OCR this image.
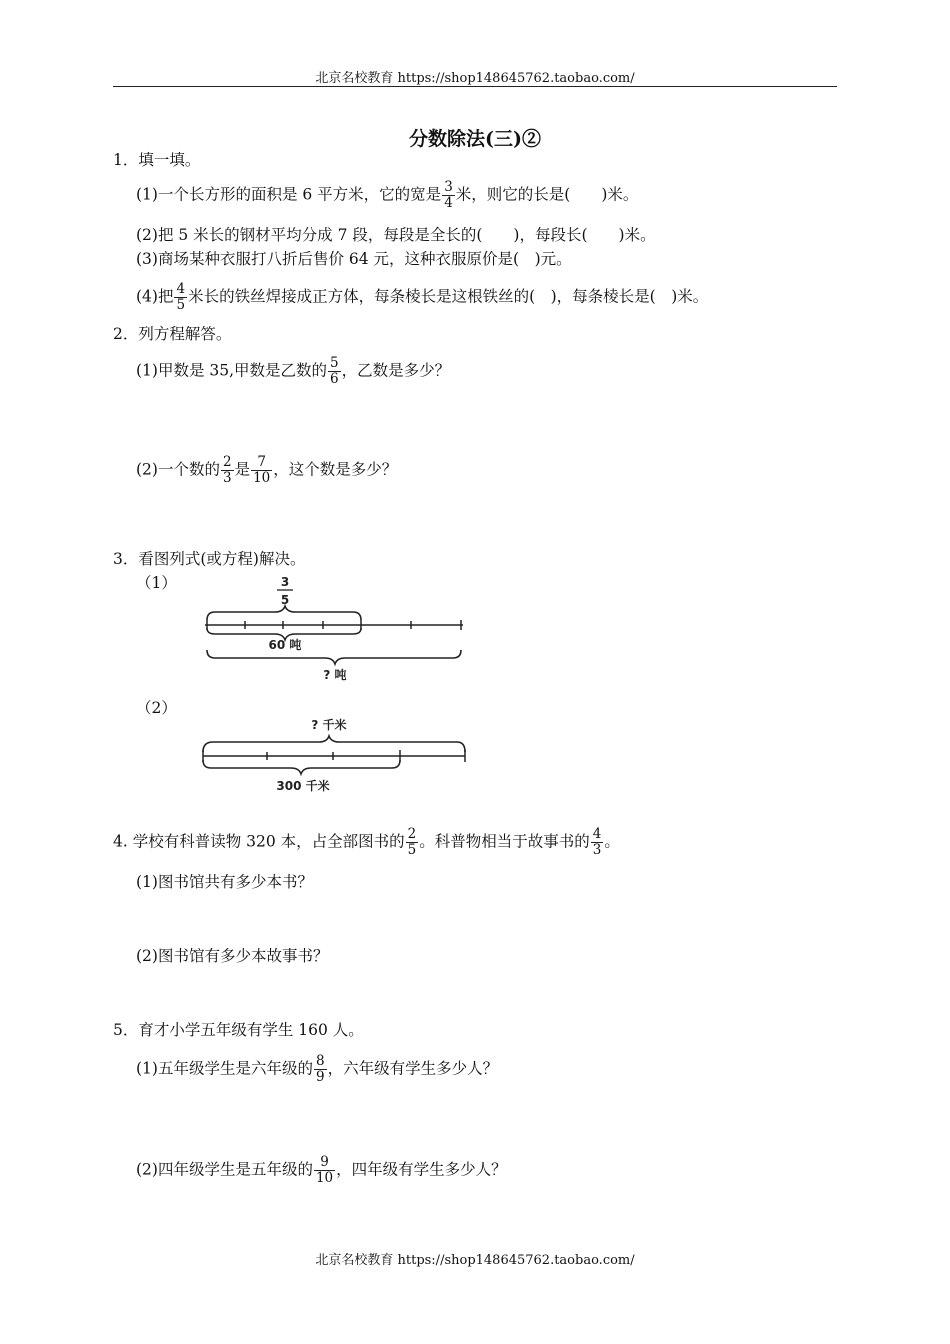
北京名校教育 https://shop148645762.taobao.com/
分数除法(三)②
1．填一填。
(1)一个长方形的面积是 6 平方米，它的宽是 $\frac{3}{4}$ 米，则它的长是(　　)米。
(2)把 5 米长的钢材平均分成 7 段，每段是全长的(　　)，每段长(　　)米。
(3)商场某种衣服打八折后售价 64 元，这种衣服原价是(　)元。
(4)把 $\frac{4}{5}$ 米长的铁丝焊接成正方体，每条棱长是这根铁丝的(　)，每条棱长是(　)米。
2．列方程解答。
(1)甲数是 35,甲数是乙数的 $\frac{5}{6}$ ，乙数是多少？
(2)一个数的 $\frac{2}{3}$ 是 $\frac{7}{10}$ ，这个数是多少？
3．看图列式(或方程)解决。
（1）	3
5
60 吨
? 吨
（2）
? 千米
300 千米
4. 学校有科普读物 320 本，占全部图书的 $\frac{2}{5}$ 。科普物相当于故事书的 $\frac{4}{3}$ 。
(1)图书馆共有多少本书？
(2)图书馆有多少本故事书？
5．育才小学五年级有学生 160 人。
(1)五年级学生是六年级的 $\frac{8}{9}$ ，六年级有学生多少人？
(2)四年级学生是五年级的 $\frac{9}{10}$ ，四年级有学生多少人？
北京名校教育 https://shop148645762.taobao.com/
